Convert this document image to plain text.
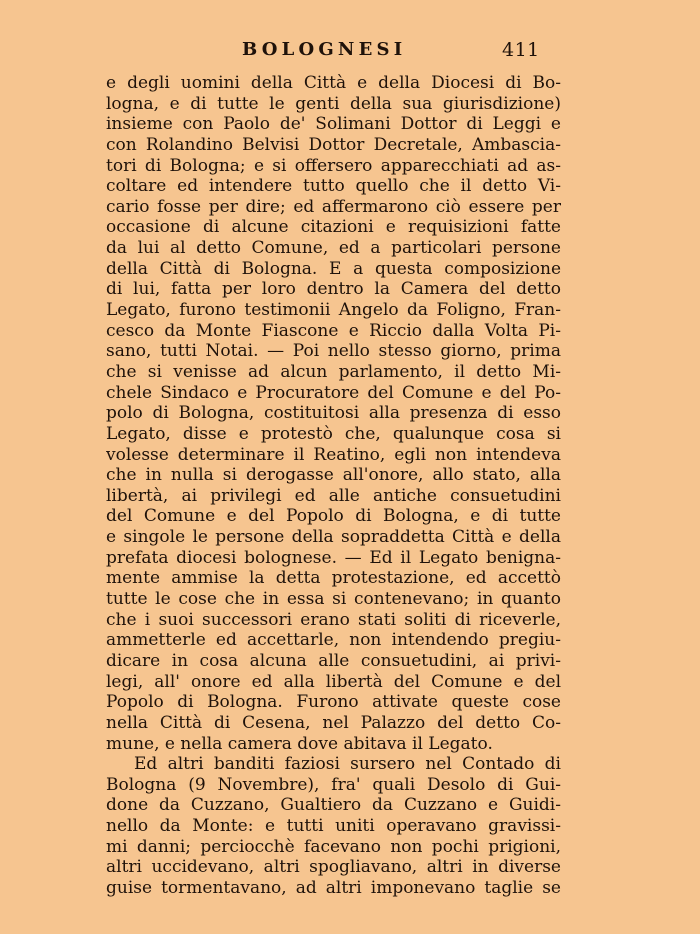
BOLOGNESI	411
e degli uomini della Città e della Diocesi di Bo-
logna, e di tutte le genti della sua giurisdizione)
insieme con Paolo de' Solimani Dottor di Leggi e
con Rolandino Belvisi Dottor Decretale, Ambascia-
tori di Bologna; e si offersero apparecchiati ad as-
coltare ed intendere tutto quello che il detto Vi-
cario fosse per dire; ed affermarono ciò essere per
occasione di alcune citazioni e requisizioni fatte
da lui al detto Comune, ed a particolari persone
della Città di Bologna. E a questa composizione
di lui, fatta per loro dentro la Camera del detto
Legato, furono testimonii Angelo da Foligno, Fran-
cesco da Monte Fiascone e Riccio dalla Volta Pi-
sano, tutti Notai. — Poi nello stesso giorno, prima
che si venisse ad alcun parlamento, il detto Mi-
chele Sindaco e Procuratore del Comune e del Po-
polo di Bologna, costituitosi alla presenza di esso
Legato, disse e protestò che, qualunque cosa si
volesse determinare il Reatino, egli non intendeva
che in nulla si derogasse all'onore, allo stato, alla
libertà, ai privilegi ed alle antiche consuetudini
del Comune e del Popolo di Bologna, e di tutte
e singole le persone della sopraddetta Città e della
prefata diocesi bolognese. — Ed il Legato benigna-
mente ammise la detta protestazione, ed accettò
tutte le cose che in essa si contenevano; in quanto
che i suoi successori erano stati soliti di riceverle,
ammetterle ed accettarle, non intendendo pregiu-
dicare in cosa alcuna alle consuetudini, ai privi-
legi, all' onore ed alla libertà del Comune e del
Popolo di Bologna. Furono attivate queste cose
nella Città di Cesena, nel Palazzo del detto Co-
mune, e nella camera dove abitava il Legato.
Ed altri banditi faziosi sursero nel Contado di
Bologna (9 Novembre), fra' quali Desolo di Gui-
done da Cuzzano, Gualtiero da Cuzzano e Guidi-
nello da Monte: e tutti uniti operavano gravissi-
mi danni; perciocchè facevano non pochi prigioni,
altri uccidevano, altri spogliavano, altri in diverse
guise tormentavano, ad altri imponevano taglie se
